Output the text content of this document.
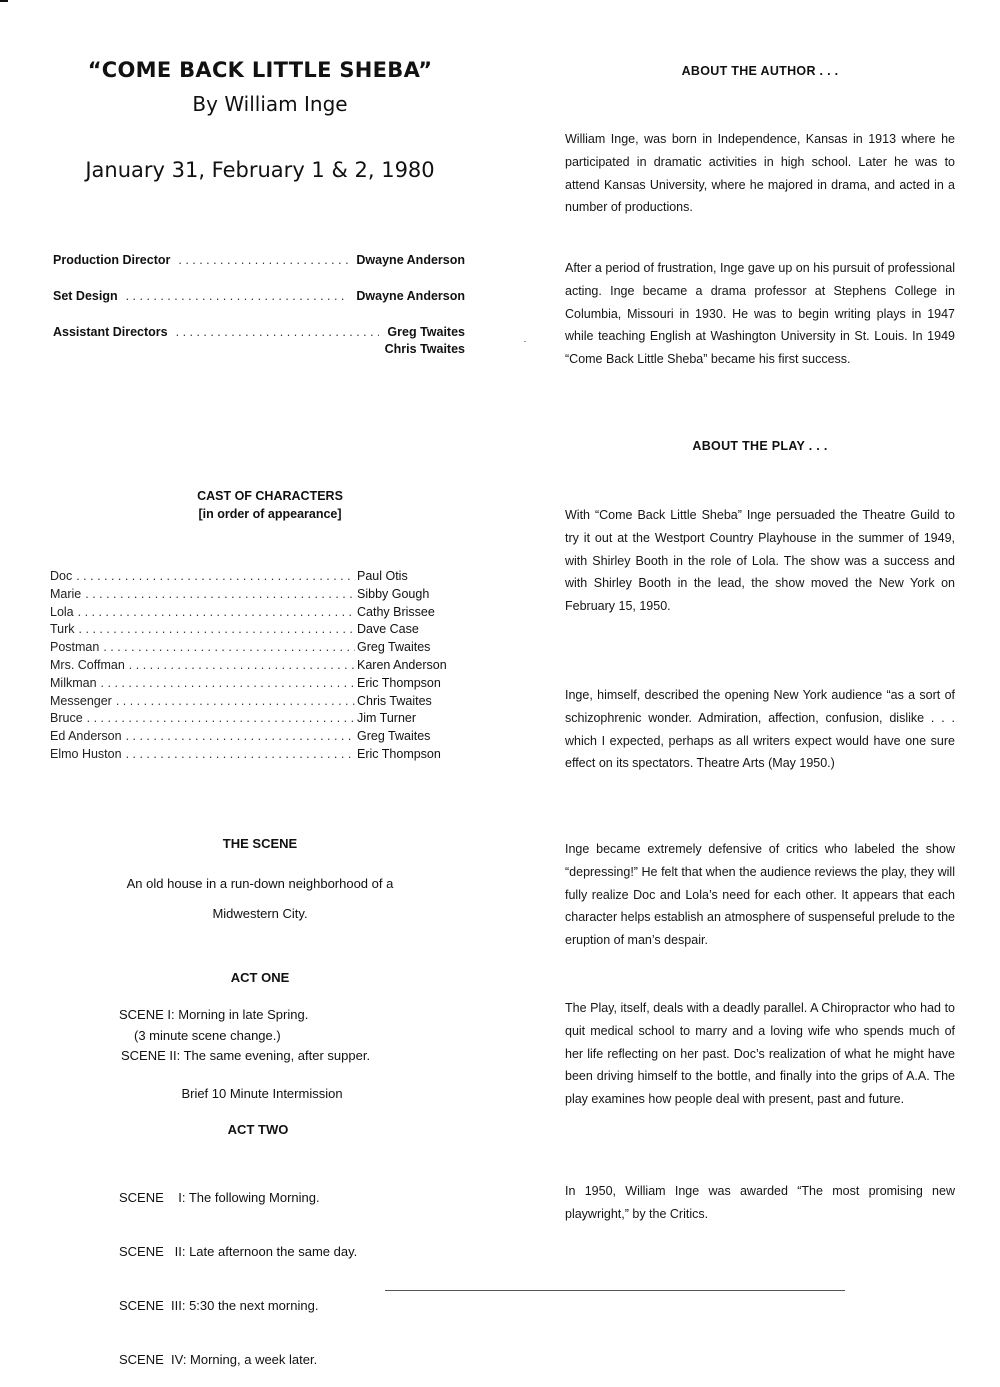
“COME BACK LITTLE SHEBA”
By William Inge
January 31, February 1 & 2, 1980
Production Director . . .	Dwayne Anderson
Set Design . . .	Dwayne Anderson
Assistant Directors . . .	Greg Twaites
Chris Twaites
CAST OF CHARACTERS
[in order of appearance]
Doc . . .	Paul Otis
Marie . . .	Sibby Gough
Lola . . .	Cathy Brissee
Turk . . .	Dave Case
Postman . . .	Greg Twaites
Mrs. Coffman . . .	Karen Anderson
Milkman . . .	Eric Thompson
Messenger . . .	Chris Twaites
Bruce . . .	Jim Turner
Ed Anderson . . .	Greg Twaites
Elmo Huston . . .	Eric Thompson
THE SCENE
An old house in a run-down neighborhood of a
Midwestern City.
ACT ONE
SCENE I: Morning in late Spring.
(3 minute scene change.)
SCENE II: The same evening, after supper.
Brief 10 Minute Intermission
ACT TWO

SCENE    I: The following Morning.

SCENE   II: Late afternoon the same day.

SCENE  III: 5:30 the next morning.

SCENE  IV: Morning, a week later.

ABOUT THE AUTHOR . . .
William Inge, was born in Independence, Kansas in 1913 where he participated in dramatic activities in high school. Later he was to attend Kansas University, where he majored in drama, and acted in a number of productions.
After a period of frustration, Inge gave up on his pursuit of professional acting. Inge became a drama professor at Stephens College in Columbia, Missouri in 1930. He was to begin writing plays in 1947 while teaching English at Washington University in St. Louis. In 1949 “Come Back Little Sheba” became his first success.
ABOUT THE PLAY . . .
With “Come Back Little Sheba” Inge persuaded the Theatre Guild to try it out at the Westport Country Playhouse in the summer of 1949, with Shirley Booth in the role of Lola. The show was a success and with Shirley Booth in the lead, the show moved the New York on February 15, 1950.
Inge, himself, described the opening New York audience “as a sort of schizophrenic wonder. Admiration, affection, confusion, dislike . . . which I expected, perhaps as all writers expect would have one sure effect on its spectators. Theatre Arts (May 1950.)
Inge became extremely defensive of critics who labeled the show “depressing!” He felt that when the audience reviews the play, they will fully realize Doc and Lola’s need for each other. It appears that each character helps establish an atmosphere of suspenseful prelude to the eruption of man’s despair.
The Play, itself, deals with a deadly parallel. A Chiropractor who had to quit medical school to marry and a loving wife who spends much of her life reflecting on her past. Doc’s realization of what he might have been driving himself to the bottle, and finally into the grips of A.A. The play examines how people deal with present, past and future.
In 1950, William Inge was awarded “The most promising new playwright,” by the Critics.
